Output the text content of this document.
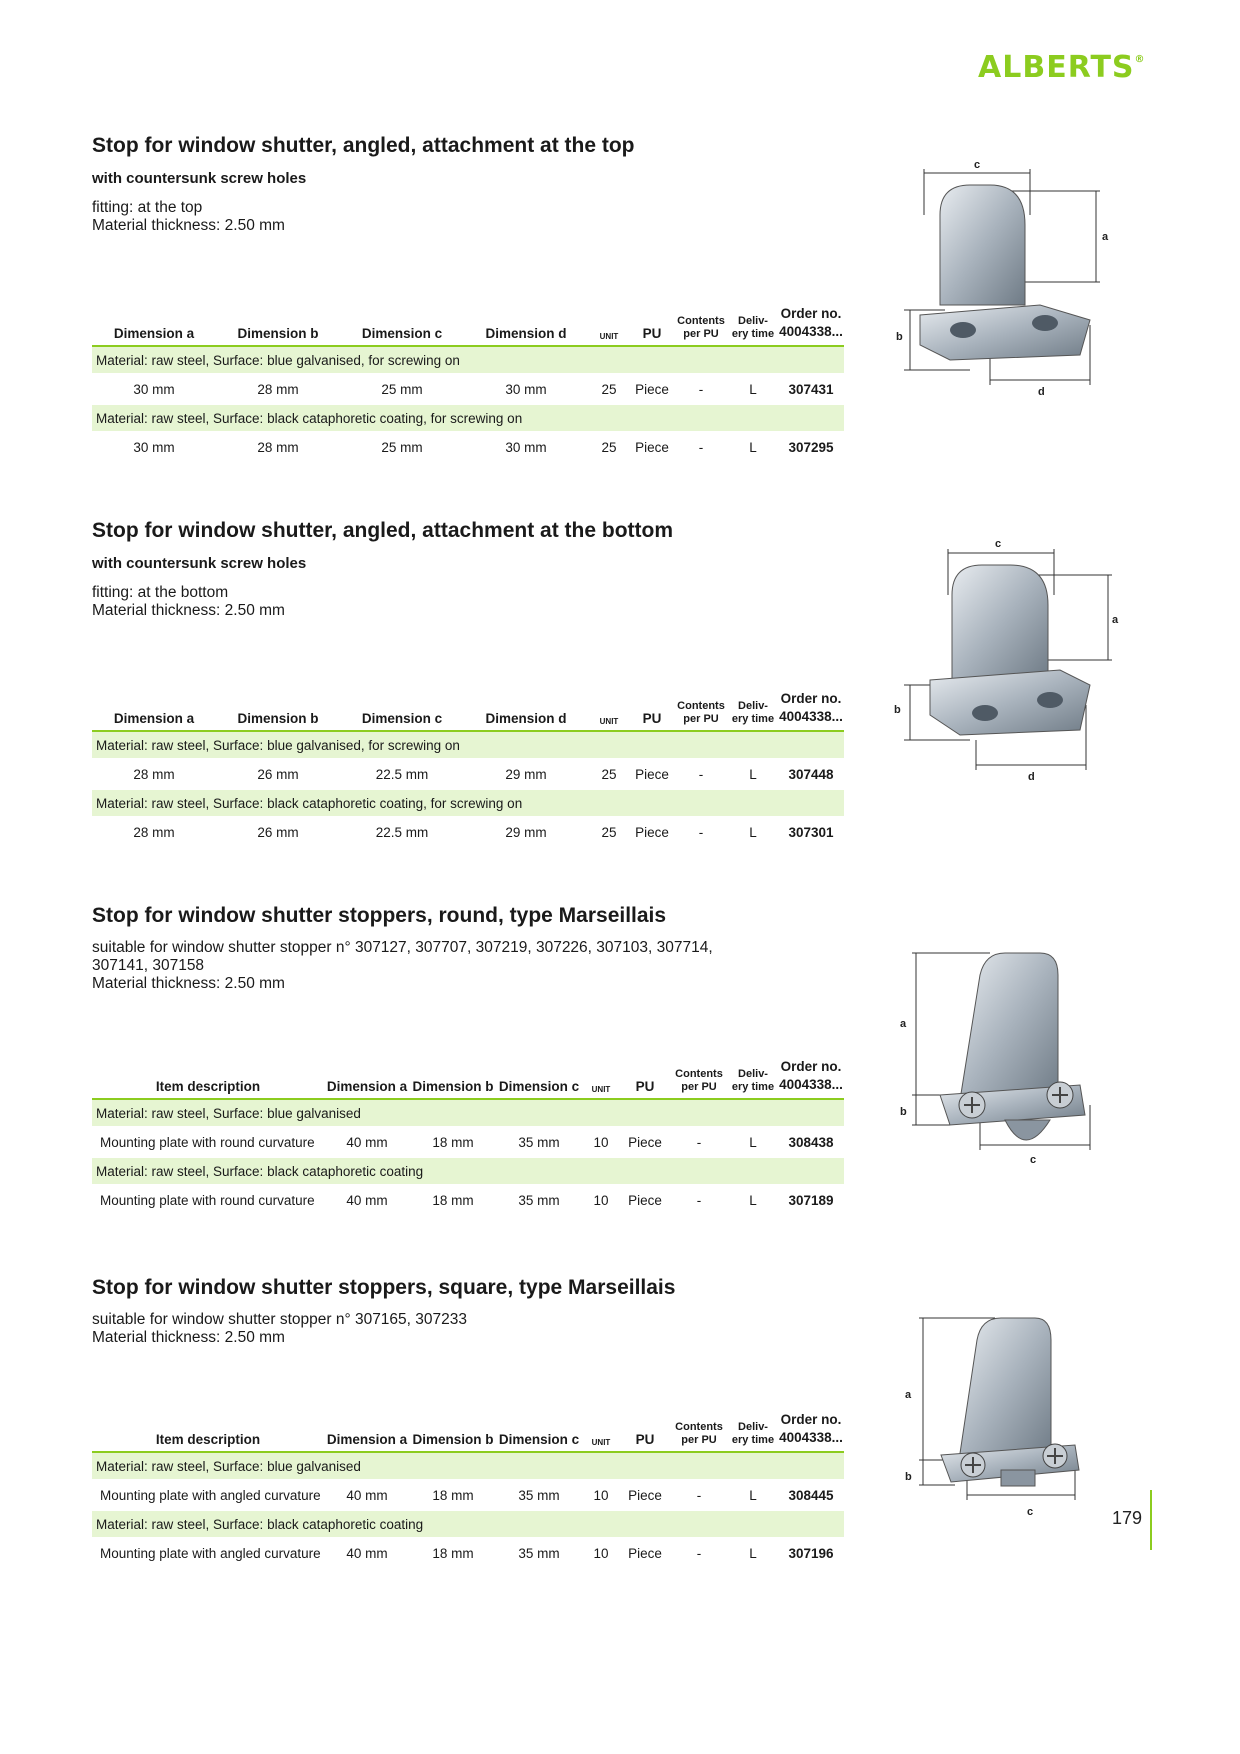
ALBERTS®
Stop for window shutter, angled, attachment at the top
with countersunk screw holes
fitting: at the top
Material thickness: 2.50 mm
Dimension a	Dimension b	Dimension c	Dimension d	UNIT	PU	Contents
per PU	Deliv-
ery time	Order no.
4004338...
Material: raw steel, Surface: blue galvanised, for screwing on								
30 mm	28 mm	25 mm	30 mm	25	Piece	-	L	307431
Material: raw steel, Surface: black cataphoretic coating, for screwing on								
30 mm	28 mm	25 mm	30 mm	25	Piece	-	L	307295
Stop for window shutter, angled, attachment at the bottom
with countersunk screw holes
fitting: at the bottom
Material thickness: 2.50 mm
Dimension a	Dimension b	Dimension c	Dimension d	UNIT	PU	Contents
per PU	Deliv-
ery time	Order no.
4004338...
Material: raw steel, Surface: blue galvanised, for screwing on								
28 mm	26 mm	22.5 mm	29 mm	25	Piece	-	L	307448
Material: raw steel, Surface: black cataphoretic coating, for screwing on								
28 mm	26 mm	22.5 mm	29 mm	25	Piece	-	L	307301
Stop for window shutter stoppers, round, type Marseillais
suitable for window shutter stopper n° 307127, 307707, 307219, 307226, 307103, 307714,
307141, 307158
Material thickness: 2.50 mm
Item description	Dimension a	Dimension b	Dimension c	UNIT	PU	Contents
per PU	Deliv-
ery time	Order no.
4004338...
Material: raw steel, Surface: blue galvanised								
Mounting plate with round curvature	40 mm	18 mm	35 mm	10	Piece	-	L	308438
Material: raw steel, Surface: black cataphoretic coating								
Mounting plate with round curvature	40 mm	18 mm	35 mm	10	Piece	-	L	307189
Stop for window shutter stoppers, square, type Marseillais
suitable for window shutter stopper n° 307165, 307233
Material thickness: 2.50 mm
Item description	Dimension a	Dimension b	Dimension c	UNIT	PU	Contents
per PU	Deliv-
ery time	Order no.
4004338...
Material: raw steel, Surface: blue galvanised								
Mounting plate with angled curvature	40 mm	18 mm	35 mm	10	Piece	-	L	308445
Material: raw steel, Surface: black cataphoretic coating								
Mounting plate with angled curvature	40 mm	18 mm	35 mm	10	Piece	-	L	307196
c
a
b
d
c
a
b
d
a
b
c
a
b
c	179
